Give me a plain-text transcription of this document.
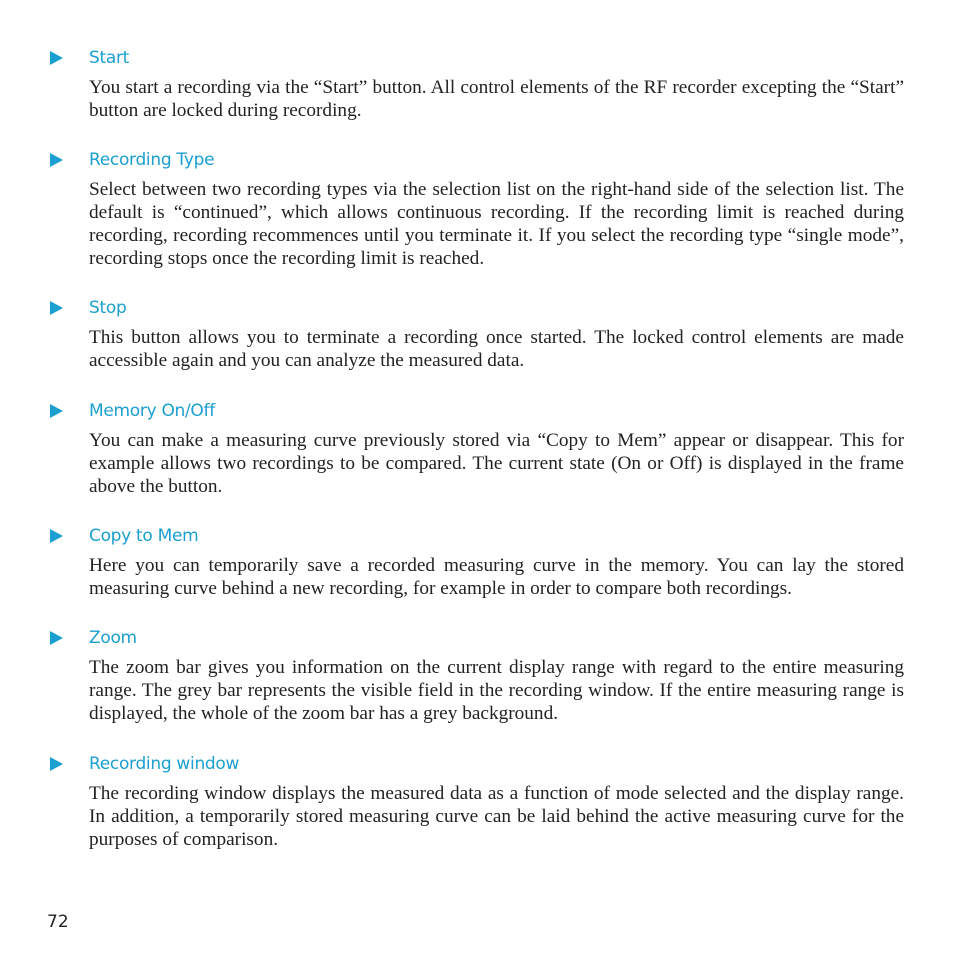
Start

You start a recording via the “Start” button. All control elements of the RF recorder excepting the “Start” button are locked during recording.

Recording Type

Select between two recording types via the selection list on the right-hand side of the selection list. The default is “continued”, which allows continuous recording. If the recording limit is reached during recording, recording recommences until you terminate it. If you select the recording type “single mode”, recording stops once the recording limit is reached.

Stop

This button allows you to terminate a recording once started. The locked control elements are made accessible again and you can analyze the measured data.

Memory On/Off

You can make a measuring curve previously stored via “Copy to Mem” appear or disappear. This for example allows two recordings to be compared. The current state (On or Off) is displayed in the frame above the button.

Copy to Mem

Here you can temporarily save a recorded measuring curve in the memory. You can lay the stored measuring curve behind a new recording, for example in order to compare both recordings.

Zoom

The zoom bar gives you information on the current display range with regard to the entire measuring range. The grey bar represents the visible field in the recording window. If the entire measuring range is displayed, the whole of the zoom bar has a grey background.

Recording window

The recording window displays the measured data as a function of mode selected and the display range. In addition, a temporarily stored measuring curve can be laid behind the active measuring curve for the purposes of comparison.

72
